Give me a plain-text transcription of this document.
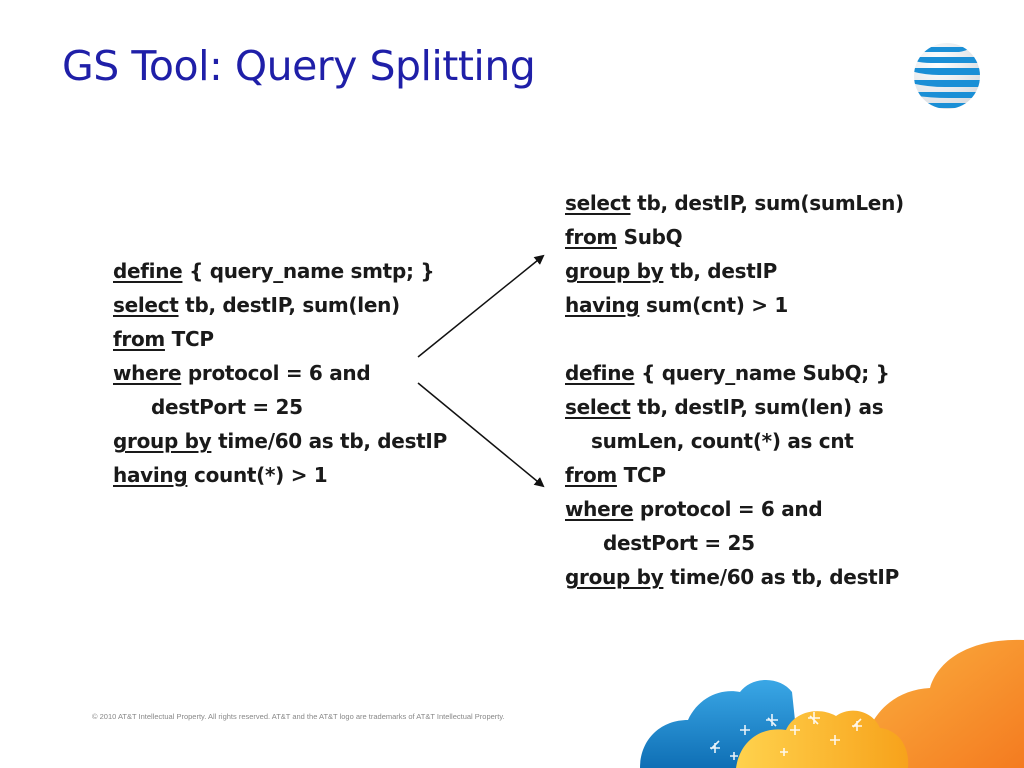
GS Tool: Query Splitting
define { query_name smtp; }
select tb, destIP, sum(len)
from TCP
where protocol = 6 and
destPort = 25
group by time/60 as tb, destIP
having count(*) > 1
select tb, destIP, sum(sumLen)
from SubQ
group by tb, destIP
having sum(cnt) > 1
define { query_name SubQ; }
select tb, destIP, sum(len) as
sumLen, count(*) as cnt
from TCP
where protocol = 6 and
destPort = 25
group by time/60 as tb, destIP
© 2010 AT&T Intellectual Property. All rights reserved. AT&T and the AT&T logo are trademarks of AT&T Intellectual Property.
